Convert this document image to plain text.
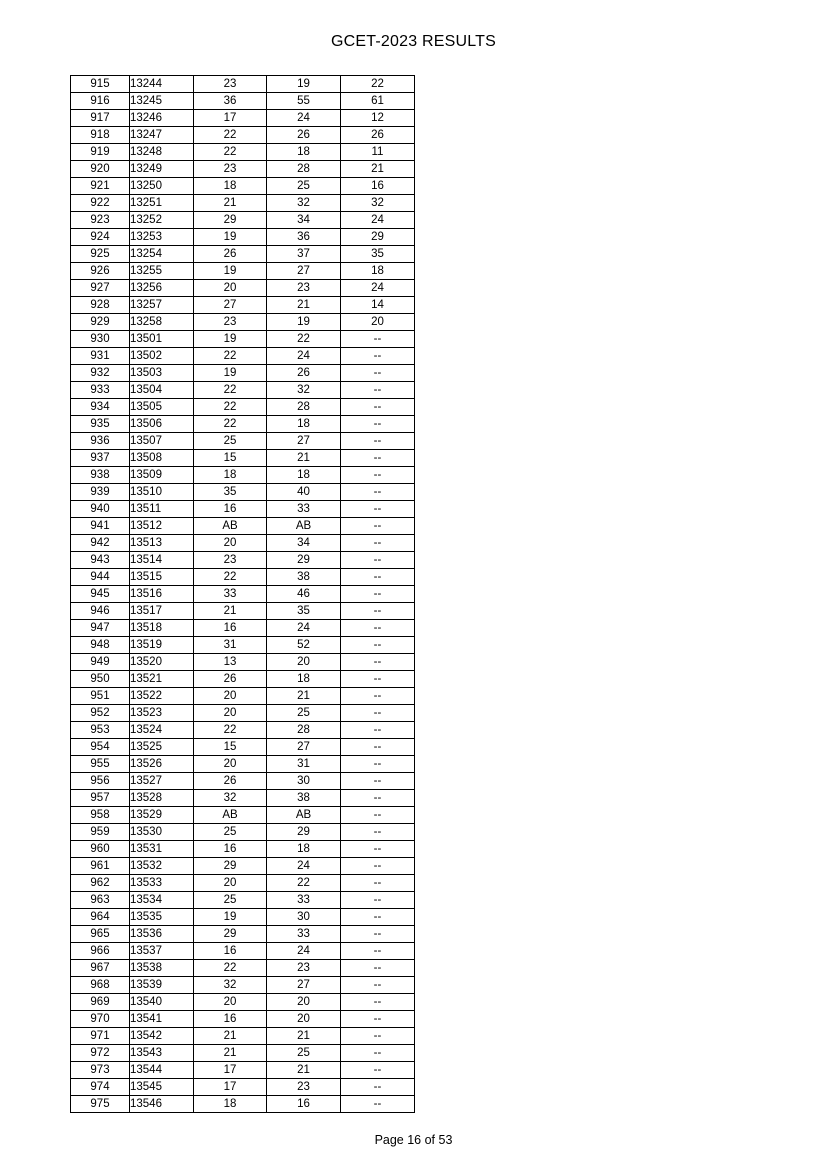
GCET-2023 RESULTS
915	13244	23	19	22
916	13245	36	55	61
917	13246	17	24	12
918	13247	22	26	26
919	13248	22	18	11
920	13249	23	28	21
921	13250	18	25	16
922	13251	21	32	32
923	13252	29	34	24
924	13253	19	36	29
925	13254	26	37	35
926	13255	19	27	18
927	13256	20	23	24
928	13257	27	21	14
929	13258	23	19	20
930	13501	19	22	--
931	13502	22	24	--
932	13503	19	26	--
933	13504	22	32	--
934	13505	22	28	--
935	13506	22	18	--
936	13507	25	27	--
937	13508	15	21	--
938	13509	18	18	--
939	13510	35	40	--
940	13511	16	33	--
941	13512	AB	AB	--
942	13513	20	34	--
943	13514	23	29	--
944	13515	22	38	--
945	13516	33	46	--
946	13517	21	35	--
947	13518	16	24	--
948	13519	31	52	--
949	13520	13	20	--
950	13521	26	18	--
951	13522	20	21	--
952	13523	20	25	--
953	13524	22	28	--
954	13525	15	27	--
955	13526	20	31	--
956	13527	26	30	--
957	13528	32	38	--
958	13529	AB	AB	--
959	13530	25	29	--
960	13531	16	18	--
961	13532	29	24	--
962	13533	20	22	--
963	13534	25	33	--
964	13535	19	30	--
965	13536	29	33	--
966	13537	16	24	--
967	13538	22	23	--
968	13539	32	27	--
969	13540	20	20	--
970	13541	16	20	--
971	13542	21	21	--
972	13543	21	25	--
973	13544	17	21	--
974	13545	17	23	--
975	13546	18	16	--
Page 16 of 53
